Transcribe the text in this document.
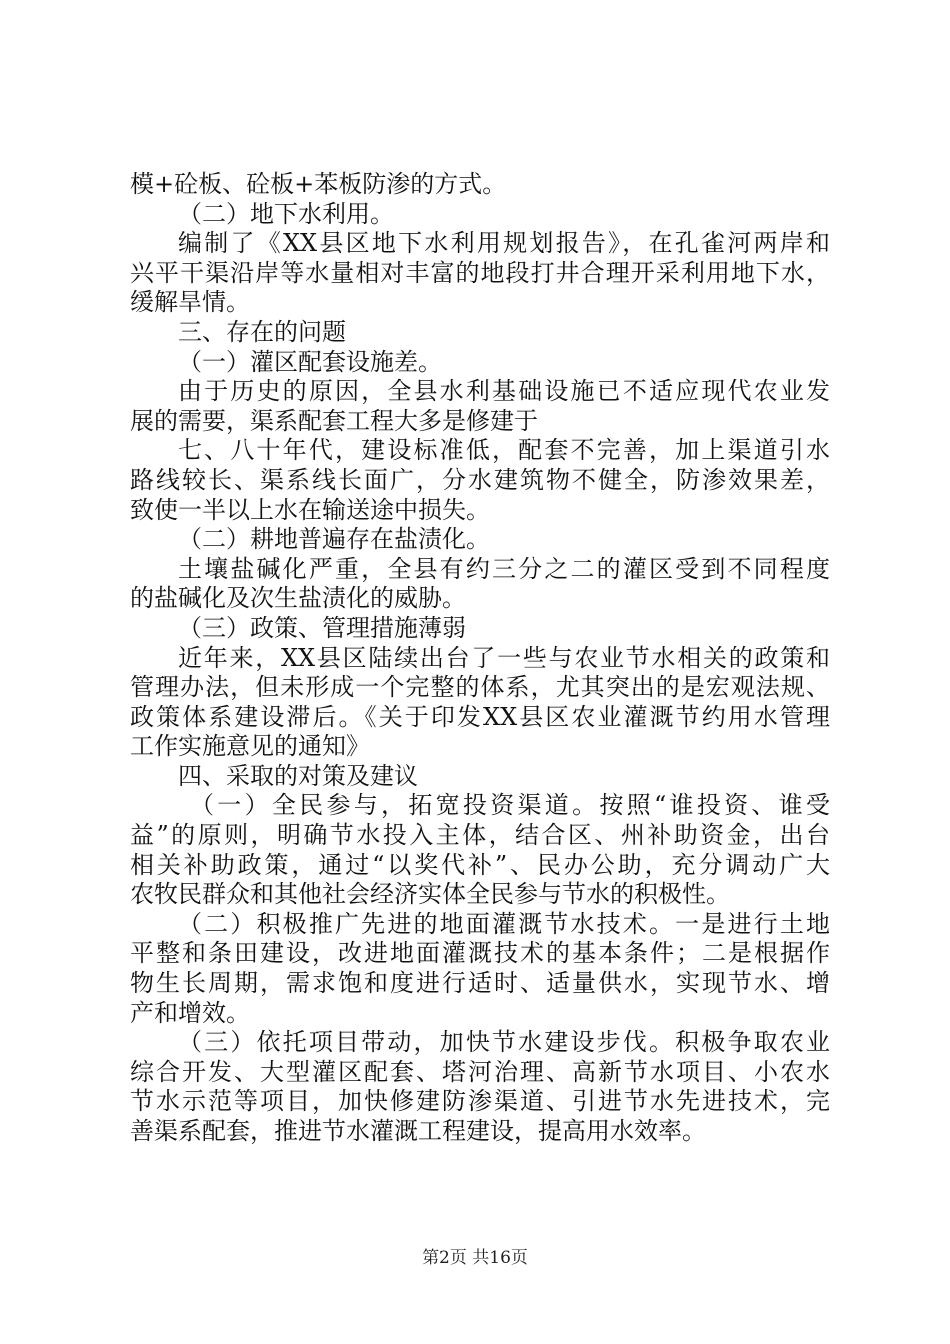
模+砼板、砼板+苯板防渗的方式。
（二）地下水利用。
编制了《XX县区地下水利用规划报告》，在孔雀河两岸和
兴平干渠沿岸等水量相对丰富的地段打井合理开采利用地下水，
缓解旱情。
三、存在的问题
（一）灌区配套设施差。
由于历史的原因，全县水利基础设施已不适应现代农业发
展的需要，渠系配套工程大多是修建于
七、八十年代，建设标准低，配套不完善，加上渠道引水
路线较长、渠系线长面广，分水建筑物不健全，防渗效果差，
致使一半以上水在输送途中损失。
（二）耕地普遍存在盐渍化。
土壤盐碱化严重，全县有约三分之二的灌区受到不同程度
的盐碱化及次生盐渍化的威胁。
（三）政策、管理措施薄弱
近年来，XX县区陆续出台了一些与农业节水相关的政策和
管理办法，但未形成一个完整的体系，尤其突出的是宏观法规、
政策体系建设滞后。《关于印发XX县区农业灌溉节约用水管理
工作实施意见的通知》
四、采取的对策及建议
（一）全民参与，拓宽投资渠道。按照“谁投资、谁受
益”的原则，明确节水投入主体，结合区、州补助资金，出台
相关补助政策，通过“以奖代补”、民办公助，充分调动广大
农牧民群众和其他社会经济实体全民参与节水的积极性。
（二）积极推广先进的地面灌溉节水技术。一是进行土地
平整和条田建设，改进地面灌溉技术的基本条件；二是根据作
物生长周期，需求饱和度进行适时、适量供水，实现节水、增
产和增效。
（三）依托项目带动，加快节水建设步伐。积极争取农业
综合开发、大型灌区配套、塔河治理、高新节水项目、小农水
节水示范等项目，加快修建防渗渠道、引进节水先进技术，完
善渠系配套，推进节水灌溉工程建设，提高用水效率。
第2页 共16页
